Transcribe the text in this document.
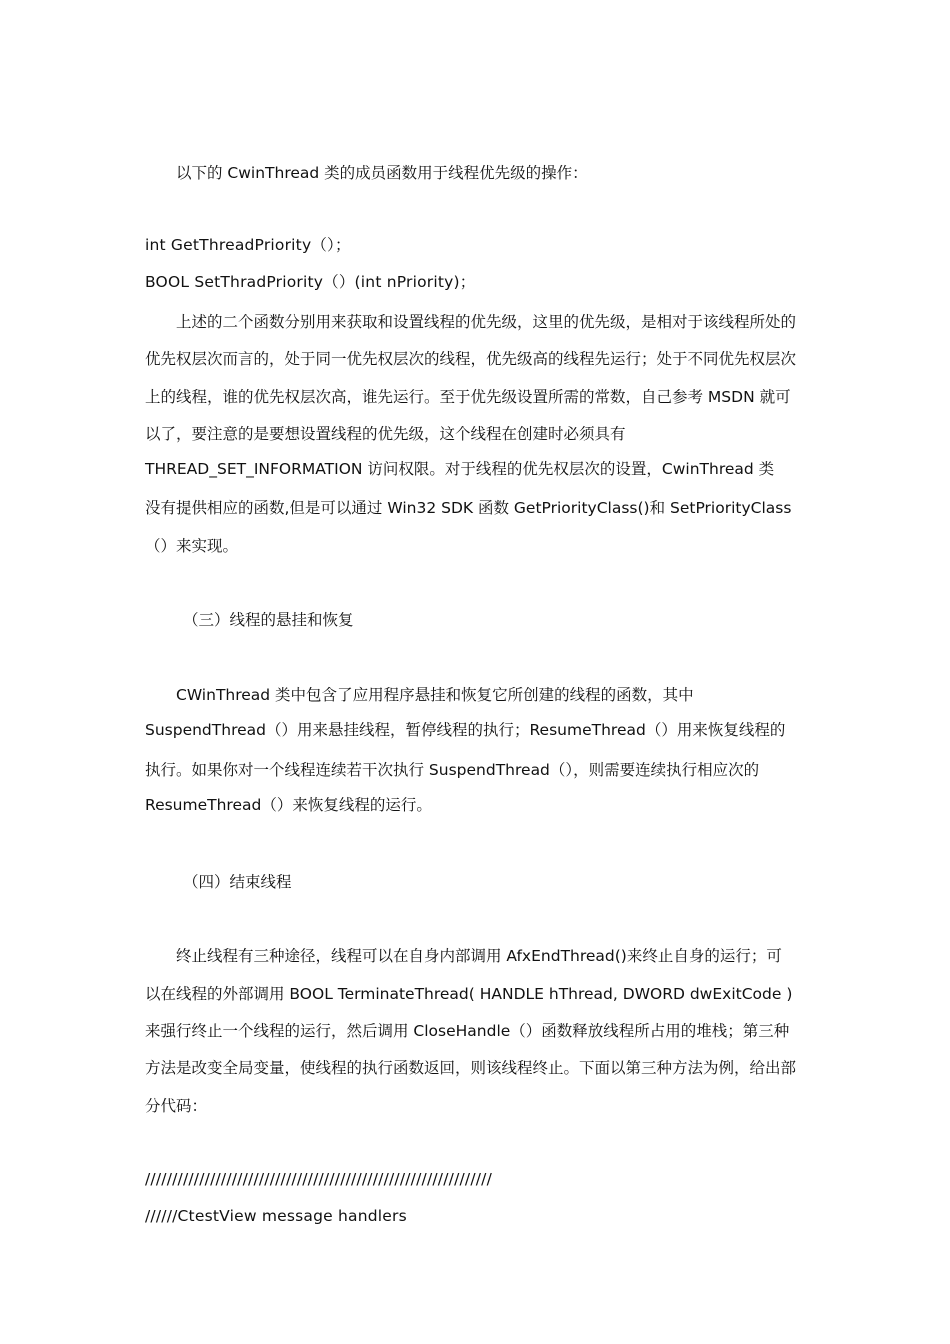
以下的 CwinThread 类的成员函数用于线程优先级的操作：
int GetThreadPriority（）；
BOOL SetThradPriority（）(int nPriority)；
上述的二个函数分别用来获取和设置线程的优先级，这里的优先级，是相对于该线程所处的
优先权层次而言的，处于同一优先权层次的线程，优先级高的线程先运行；处于不同优先权层次
上的线程，谁的优先权层次高，谁先运行。至于优先级设置所需的常数，自己参考 MSDN 就可
以了，要注意的是要想设置线程的优先级，这个线程在创建时必须具有
THREAD_SET_INFORMATION 访问权限。对于线程的优先权层次的设置，CwinThread 类
没有提供相应的函数,但是可以通过 Win32 SDK 函数 GetPriorityClass()和 SetPriorityClass
（）来实现。
（三）线程的悬挂和恢复
CWinThread 类中包含了应用程序悬挂和恢复它所创建的线程的函数，其中
SuspendThread（）用来悬挂线程，暂停线程的执行；ResumeThread（）用来恢复线程的
执行。如果你对一个线程连续若干次执行 SuspendThread（），则需要连续执行相应次的
ResumeThread（）来恢复线程的运行。
（四）结束线程
终止线程有三种途径，线程可以在自身内部调用 AfxEndThread()来终止自身的运行；可
以在线程的外部调用 BOOL TerminateThread( HANDLE hThread, DWORD dwExitCode )
来强行终止一个线程的运行，然后调用 CloseHandle（）函数释放线程所占用的堆栈；第三种
方法是改变全局变量，使线程的执行函数返回，则该线程终止。下面以第三种方法为例，给出部
分代码：
////////////////////////////////////////////////////////////////
//////CtestView message handlers
